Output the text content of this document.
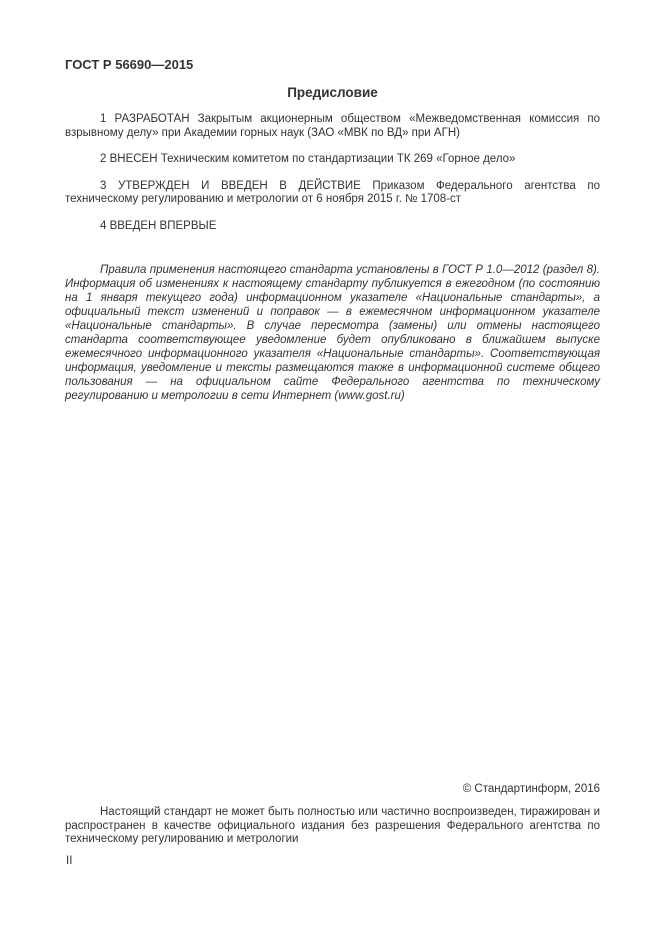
ГОСТ Р 56690—2015
Предисловие

1 РАЗРАБОТАН Закрытым акционерным обществом «Межведомственная комиссия по взрывному делу» при Академии горных наук (ЗАО «МВК по ВД» при АГН)

2 ВНЕСЕН Техническим комитетом по стандартизации ТК 269 «Горное дело»

3 УТВЕРЖДЕН И ВВЕДЕН В ДЕЙСТВИЕ Приказом Федерального агентства по техническому регулированию и метрологии от 6 ноября 2015 г. № 1708-ст

4 ВВЕДЕН ВПЕРВЫЕ

Правила применения настоящего стандарта установлены в ГОСТ Р 1.0—2012 (раздел 8). Информация об изменениях к настоящему стандарту публикуется в ежегодном (по состоянию на 1 января текущего года) информационном указателе «Национальные стандарты», а официальный текст изменений и поправок — в ежемесячном информационном указателе «Национальные стандарты». В случае пересмотра (замены) или отмены настоящего стандарта соответствующее уведомление будет опубликовано в ближайшем выпуске ежемесячного информационного указателя «Национальные стандарты». Соответствующая информация, уведомление и тексты размещаются также в информационной системе общего пользования — на официальном сайте Федерального агентства по техническому регулированию и метрологии в сети Интернет (www.gost.ru)

© Стандартинформ, 2016

Настоящий стандарт не может быть полностью или частично воспроизведен, тиражирован и распространен в качестве официального издания без разрешения Федерального агентства по техническому регулированию и метрологии

II
